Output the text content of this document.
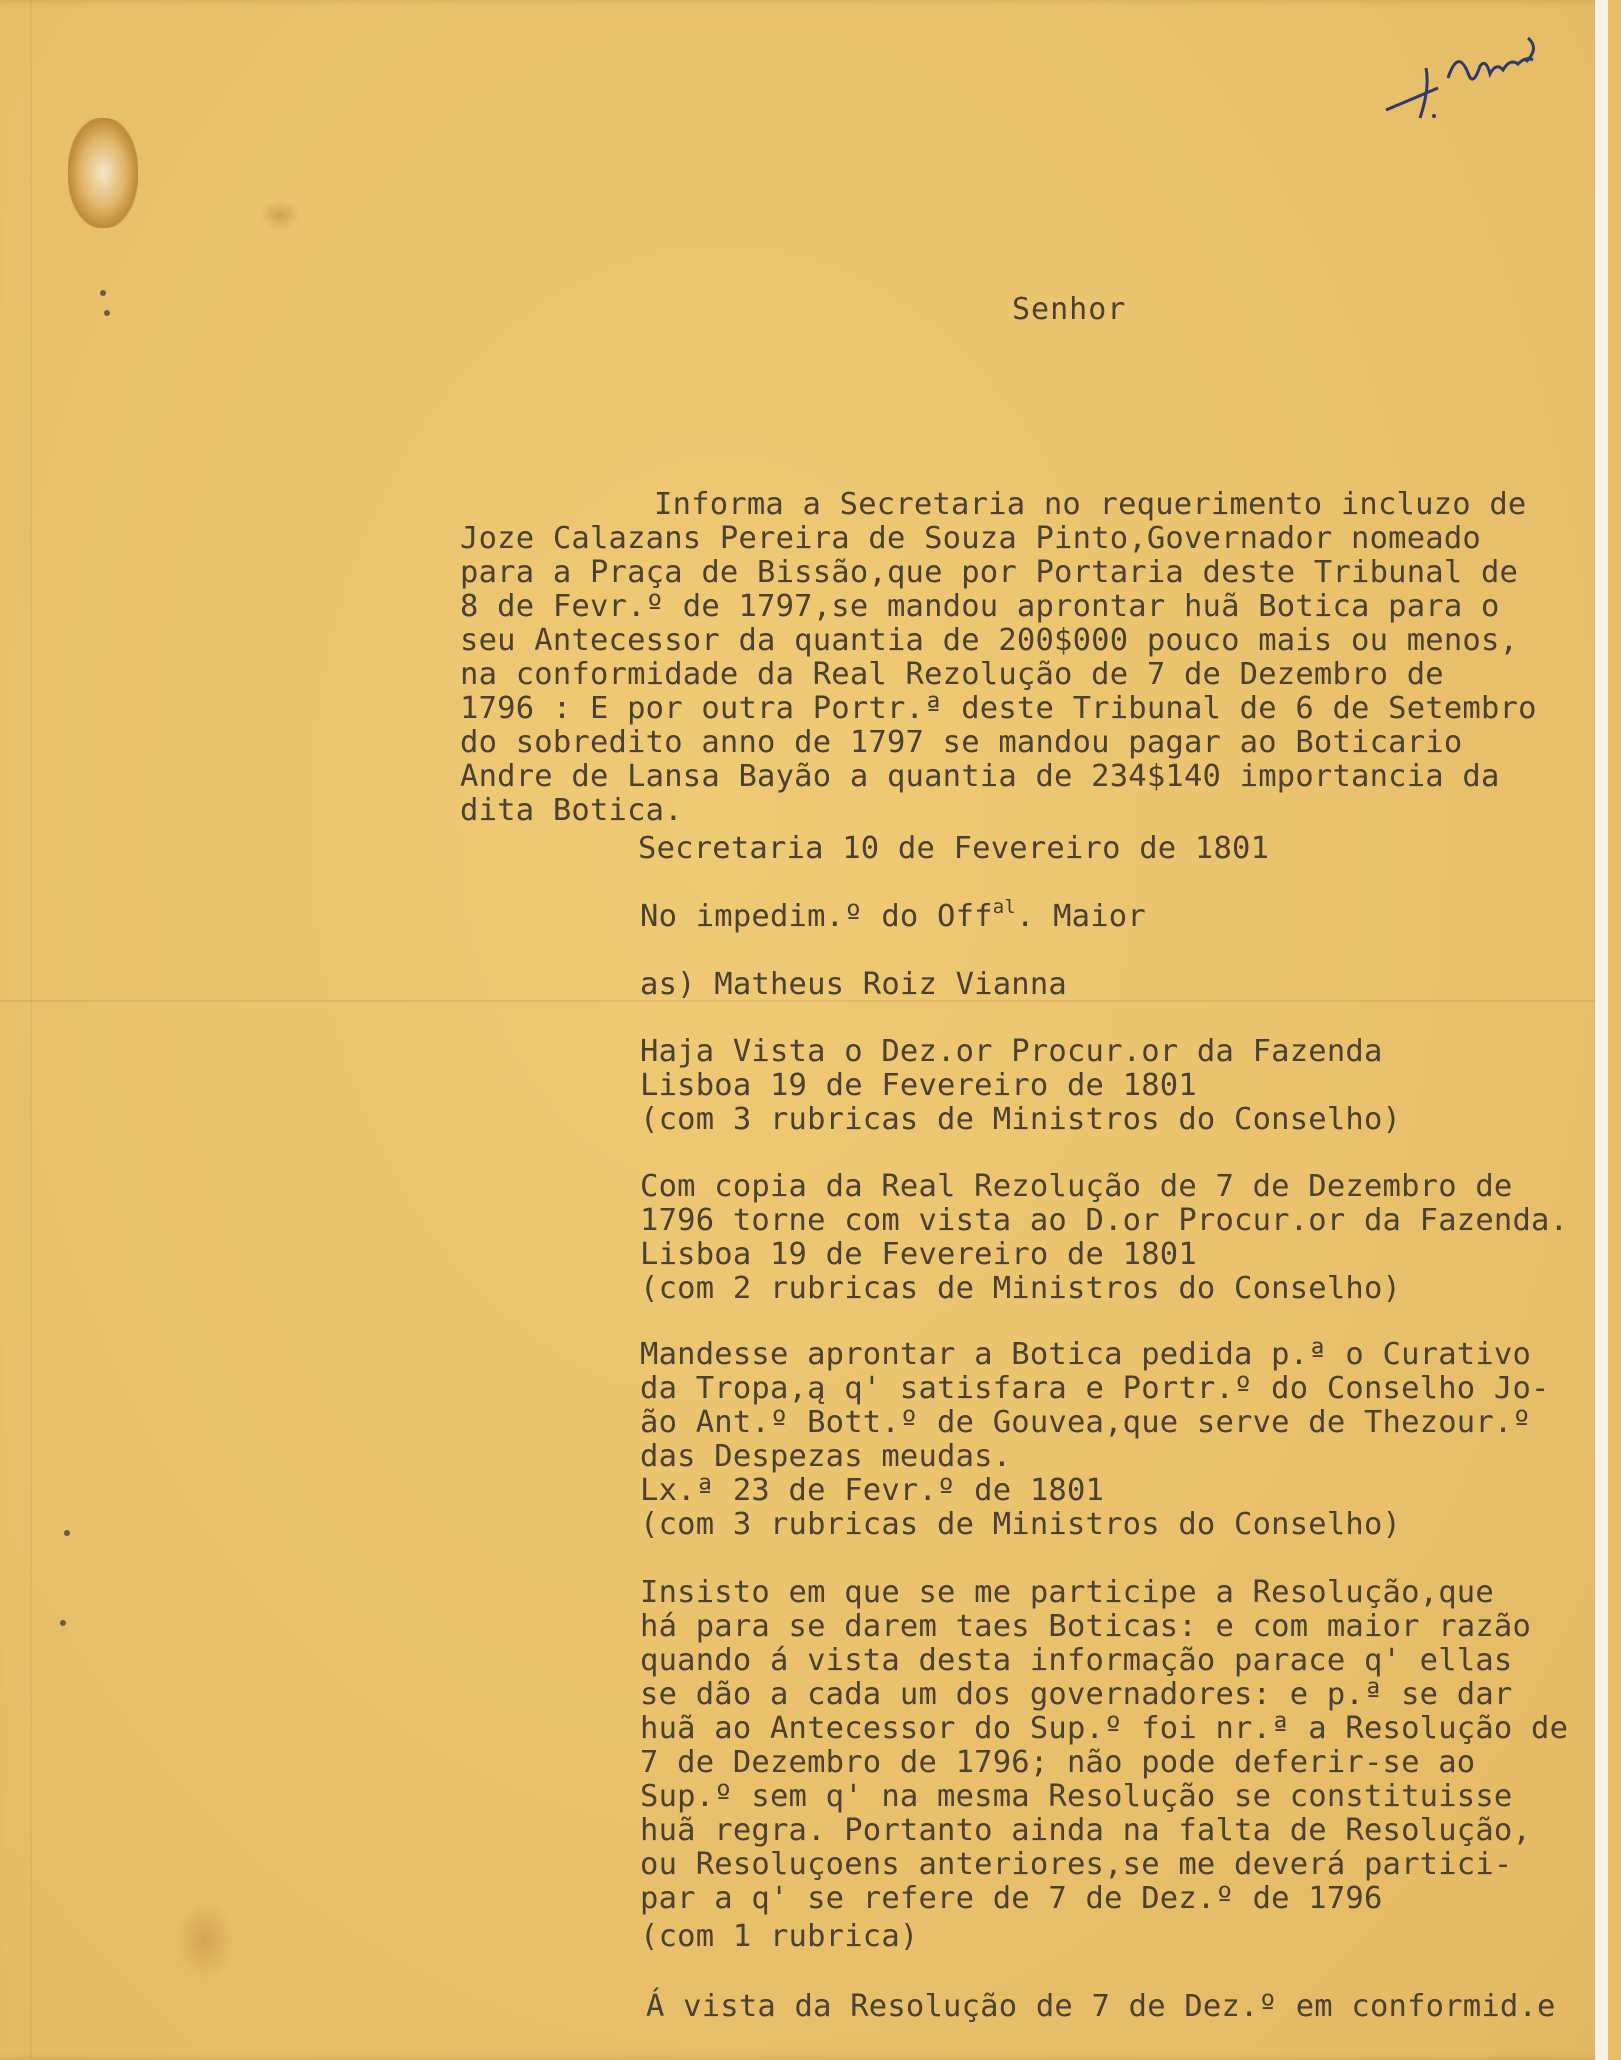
Senhor
Informa a Secretaria no requerimento incluzo de
Joze Calazans Pereira de Souza Pinto,Governador nomeado
para a Praça de Bissão,que por Portaria deste Tribunal de
8 de Fevr.º de 1797,se mandou aprontar huã Botica para o
seu Antecessor da quantia de 200$000 pouco mais ou menos,
na conformidade da Real Rezolução de 7 de Dezembro de
1796 : E por outra Portr.ª deste Tribunal de 6 de Setembro
do sobredito anno de 1797 se mandou pagar ao Boticario
Andre de Lansa Bayão a quantia de 234$140 importancia da
dita Botica.
Secretaria 10 de Fevereiro de 1801
No impedim.º do Off$^{al}$. Maior
as) Matheus Roiz Vianna
Haja Vista o Dez.or Procur.or da Fazenda
Lisboa 19 de Fevereiro de 1801
(com 3 rubricas de Ministros do Conselho)
Com copia da Real Rezolução de 7 de Dezembro de
1796 torne com vista ao D.or Procur.or da Fazenda.
Lisboa 19 de Fevereiro de 1801
(com 2 rubricas de Ministros do Conselho)
Mandesse aprontar a Botica pedida p.ª o Curativo
da Tropa,ą q' satisfara e Portr.º do Conselho Jo-
ão Ant.º Bott.º de Gouvea,que serve de Thezour.º
das Despezas meudas.
Lx.ª 23 de Fevr.º de 1801
(com 3 rubricas de Ministros do Conselho)
Insisto em que se me participe a Resolução,que
há para se darem taes Boticas: e com maior razão
quando á vista desta informação parace q' ellas
se dão a cada um dos governadores: e p.ª se dar
huã ao Antecessor do Sup.º foi nr.ª a Resolução de
7 de Dezembro de 1796; não pode deferir-se ao
Sup.º sem q' na mesma Resolução se constituisse
huã regra. Portanto ainda na falta de Resolução,
ou Resoluçoens anteriores,se me deverá partici-
par a q' se refere de 7 de Dez.º de 1796
(com 1 rubrica)
Á vista da Resolução de 7 de Dez.º em conformid.e
